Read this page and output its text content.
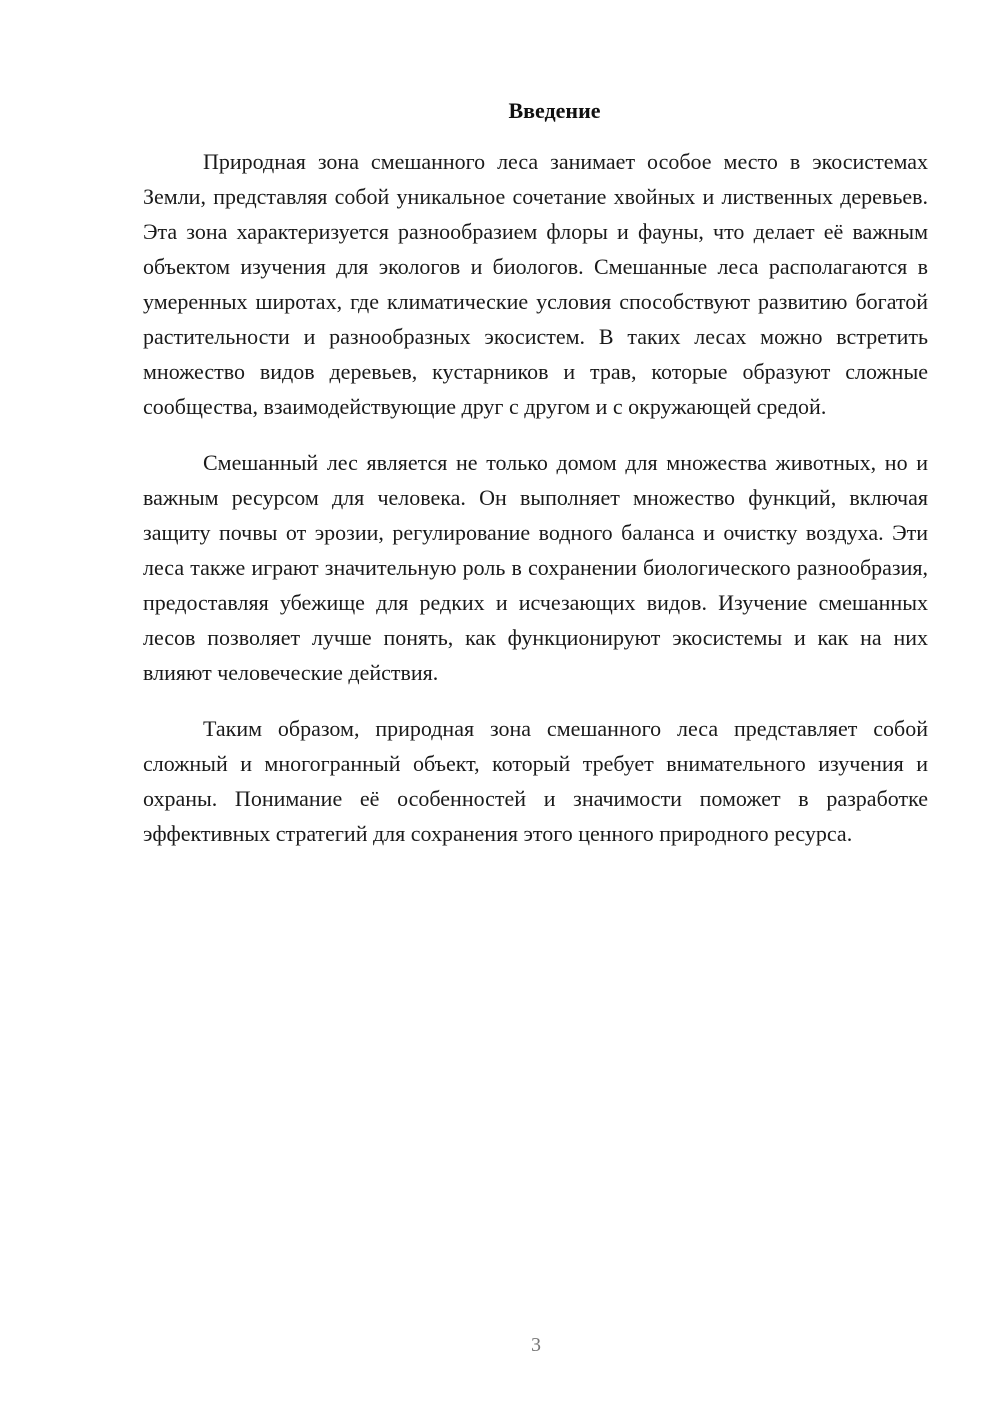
Введение

Природная зона смешанного леса занимает особое место в экосистемах Земли, представляя собой уникальное сочетание хвойных и лиственных деревьев. Эта зона характеризуется разнообразием флоры и фауны, что делает её важным объектом изучения для экологов и биологов. Смешанные леса располагаются в умеренных широтах, где климатические условия способствуют развитию богатой растительности и разнообразных экосистем. В таких лесах можно встретить множество видов деревьев, кустарников и трав, которые образуют сложные сообщества, взаимодействующие друг с другом и с окружающей средой.

Смешанный лес является не только домом для множества животных, но и важным ресурсом для человека. Он выполняет множество функций, включая защиту почвы от эрозии, регулирование водного баланса и очистку воздуха. Эти леса также играют значительную роль в сохранении биологического разнообразия, предоставляя убежище для редких и исчезающих видов. Изучение смешанных лесов позволяет лучше понять, как функционируют экосистемы и как на них влияют человеческие действия.

Таким образом, природная зона смешанного леса представляет собой сложный и многогранный объект, который требует внимательного изучения и охраны. Понимание её особенностей и значимости поможет в разработке эффективных стратегий для сохранения этого ценного природного ресурса.

3
